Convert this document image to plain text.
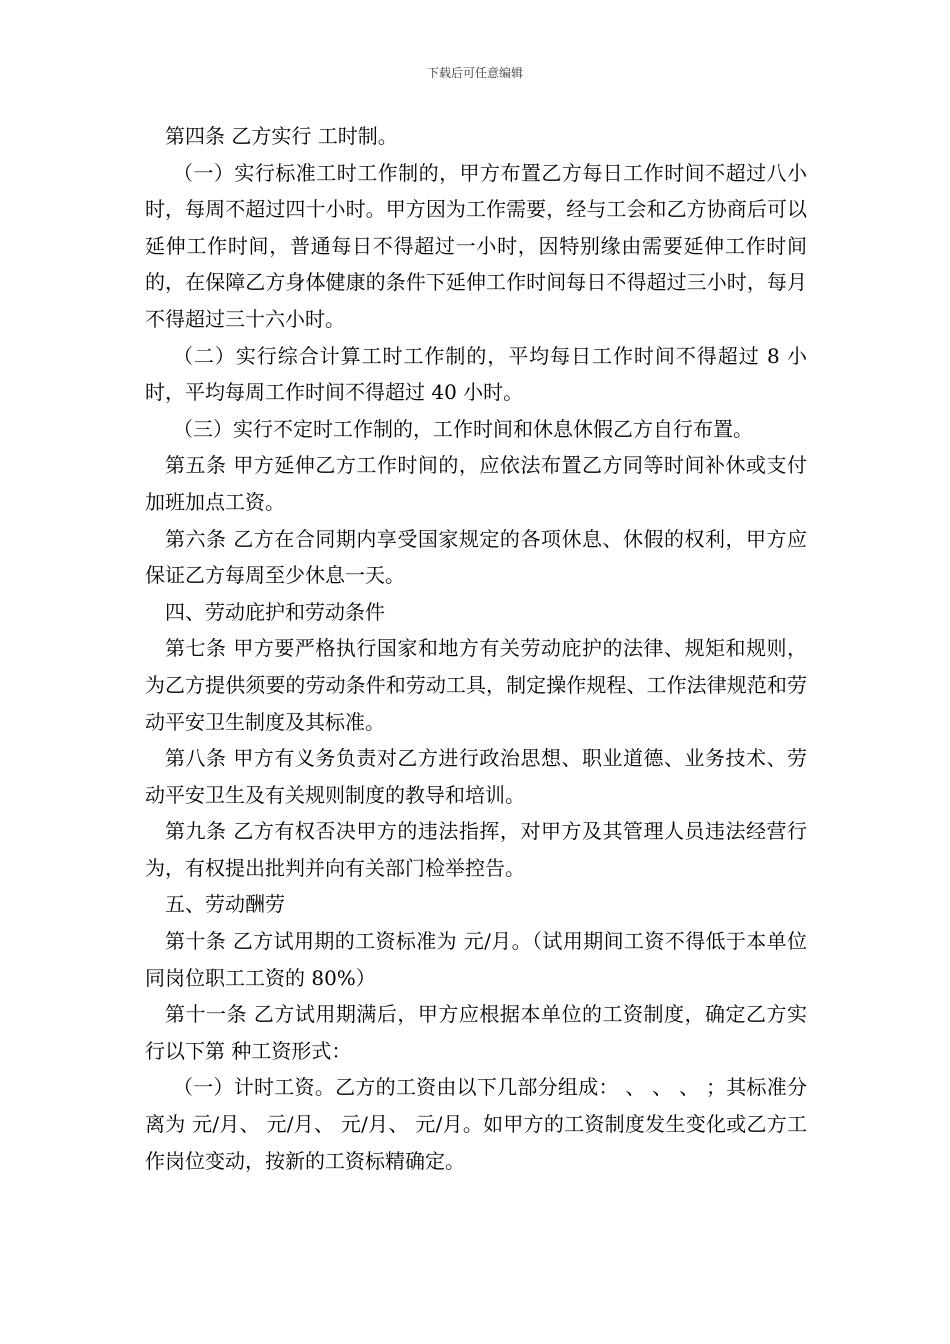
下载后可任意编辑

第四条 乙方实行 工时制。

（一）实行标准工时工作制的，甲方布置乙方每日工作时间不超过八小时，每周不超过四十小时。甲方因为工作需要，经与工会和乙方协商后可以延伸工作时间，普通每日不得超过一小时，因特别缘由需要延伸工作时间的，在保障乙方身体健康的条件下延伸工作时间每日不得超过三小时，每月不得超过三十六小时。

（二）实行综合计算工时工作制的，平均每日工作时间不得超过 8 小时，平均每周工作时间不得超过 40 小时。

（三）实行不定时工作制的，工作时间和休息休假乙方自行布置。

第五条 甲方延伸乙方工作时间的，应依法布置乙方同等时间补休或支付加班加点工资。

第六条 乙方在合同期内享受国家规定的各项休息、休假的权利，甲方应保证乙方每周至少休息一天。

四、劳动庇护和劳动条件

第七条 甲方要严格执行国家和地方有关劳动庇护的法律、规矩和规则，为乙方提供须要的劳动条件和劳动工具，制定操作规程、工作法律规范和劳动平安卫生制度及其标准。

第八条 甲方有义务负责对乙方进行政治思想、职业道德、业务技术、劳动平安卫生及有关规则制度的教导和培训。

第九条 乙方有权否决甲方的违法指挥，对甲方及其管理人员违法经营行为，有权提出批判并向有关部门检举控告。

五、劳动酬劳

第十条 乙方试用期的工资标准为 元/月。（试用期间工资不得低于本单位同岗位职工工资的 80%）

第十一条 乙方试用期满后，甲方应根据本单位的工资制度，确定乙方实行以下第 种工资形式：

（一）计时工资。乙方的工资由以下几部分组成： 、 、 、 ；其标准分离为 元/月、 元/月、 元/月、 元/月。如甲方的工资制度发生变化或乙方工作岗位变动，按新的工资标精确定。
